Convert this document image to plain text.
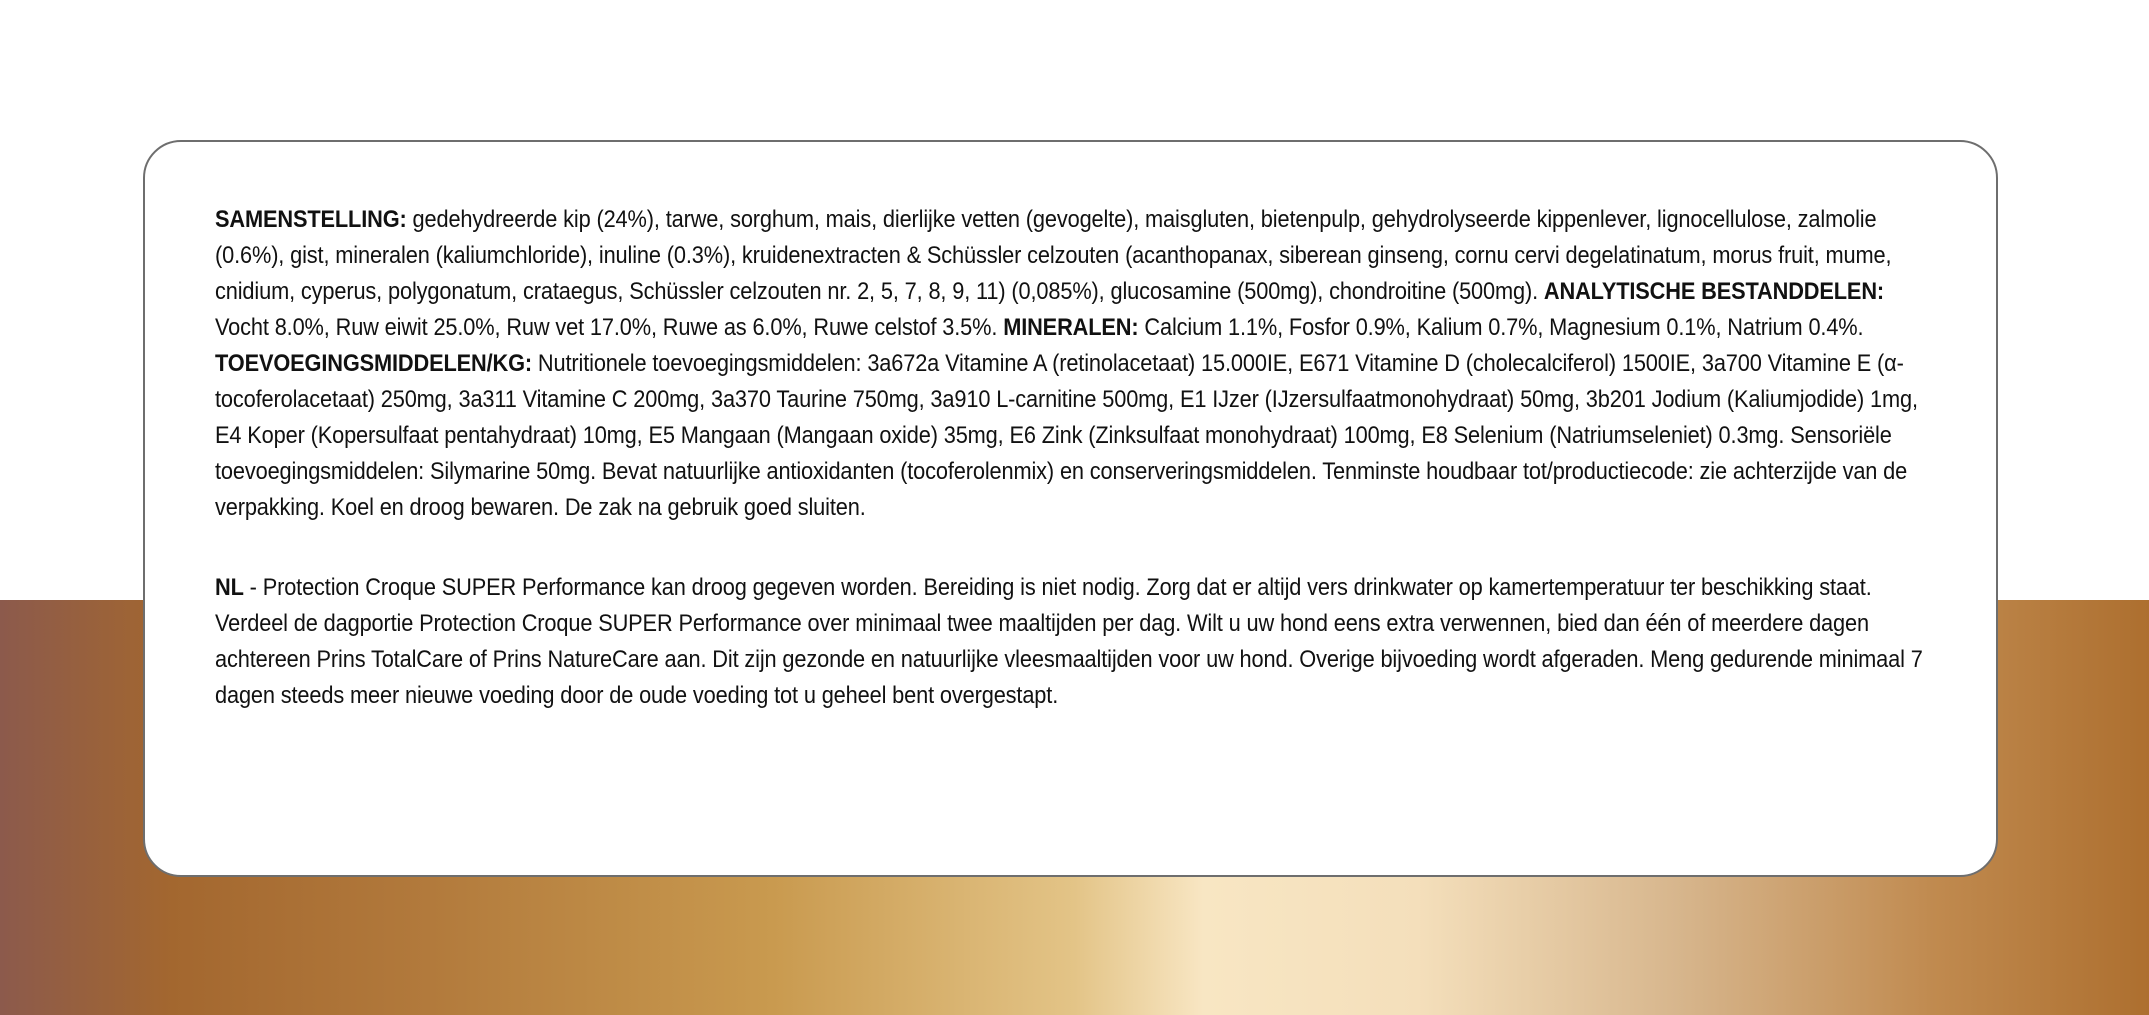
SAMENSTELLING: gedehydreerde kip (24%), tarwe, sorghum, mais, dierlijke vetten (gevogelte), maisgluten, bietenpulp, gehydrolyseerde kippenlever, lignocellulose, zalmolie (0.6%), gist, mineralen (kaliumchloride), inuline (0.3%), kruidenextracten & Schüssler celzouten (acanthopanax, siberean ginseng, cornu cervi degelatinatum, morus fruit, mume, cnidium, cyperus, polygonatum, crataegus, Schüssler celzouten nr. 2, 5, 7, 8, 9, 11) (0,085%), glucosamine (500mg), chondroitine (500mg). ANALYTISCHE BESTANDDELEN: Vocht 8.0%, Ruw eiwit 25.0%, Ruw vet 17.0%, Ruwe as 6.0%, Ruwe celstof 3.5%. MINERALEN: Calcium 1.1%, Fosfor 0.9%, Kalium 0.7%, Magnesium 0.1%, Natrium 0.4%. TOEVOEGINGSMIDDELEN/KG: Nutritionele toevoegingsmiddelen: 3a672a Vitamine A (retinolacetaat) 15.000IE, E671 Vitamine D (cholecalciferol) 1500IE, 3a700 Vitamine E (α-tocoferolacetaat) 250mg, 3a311 Vitamine C 200mg, 3a370 Taurine 750mg, 3a910 L-carnitine 500mg, E1 IJzer (IJzersulfaatmonohydraat) 50mg, 3b201 Jodium (Kaliumjodide) 1mg, E4 Koper (Kopersulfaat pentahydraat) 10mg, E5 Mangaan (Mangaan oxide) 35mg, E6 Zink (Zinksulfaat monohydraat) 100mg, E8 Selenium (Natriumseleniet) 0.3mg. Sensoriële toevoegingsmiddelen: Silymarine 50mg. Bevat natuurlijke antioxidanten (tocoferolenmix) en conserveringsmiddelen. Tenminste houdbaar tot/productiecode: zie achterzijde van de verpakking. Koel en droog bewaren. De zak na gebruik goed sluiten.

NL - Protection Croque SUPER Performance kan droog gegeven worden. Bereiding is niet nodig. Zorg dat er altijd vers drinkwater op kamertemperatuur ter beschikking staat. Verdeel de dagportie Protection Croque SUPER Performance over minimaal twee maaltijden per dag. Wilt u uw hond eens extra verwennen, bied dan één of meerdere dagen achtereen Prins TotalCare of Prins NatureCare aan. Dit zijn gezonde en natuurlijke vleesmaaltijden voor uw hond. Overige bijvoeding wordt afgeraden. Meng gedurende minimaal 7 dagen steeds meer nieuwe voeding door de oude voeding tot u geheel bent overgestapt.
